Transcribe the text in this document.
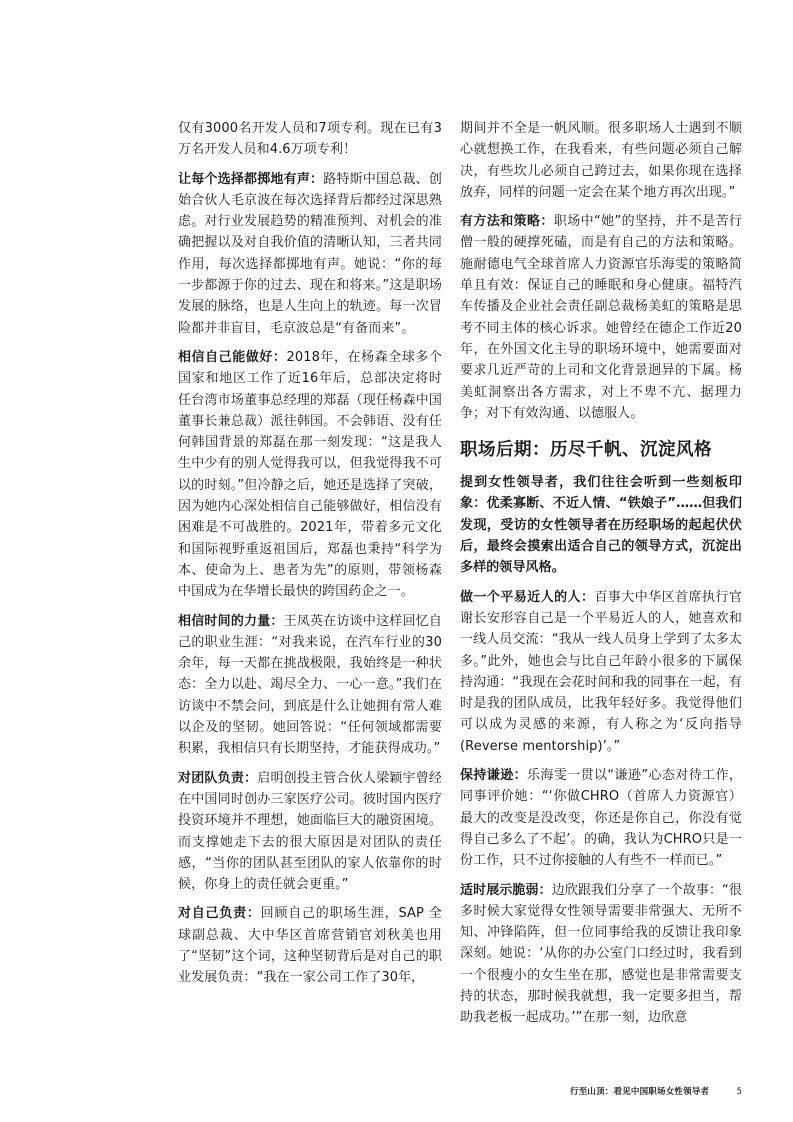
仅有3000名开发人员和7项专利。现在已有3万名开发人员和4.6万项专利！

让每个选择都掷地有声：路特斯中国总裁、创始合伙人毛京波在每次选择背后都经过深思熟虑。对行业发展趋势的精准预判、对机会的准确把握以及对自我价值的清晰认知，三者共同作用，每次选择都掷地有声。她说：“你的每一步都源于你的过去、现在和将来。”这是职场发展的脉络，也是人生向上的轨迹。每一次冒险都并非盲目，毛京波总是“有备而来”。

相信自己能做好：2018年，在杨森全球多个国家和地区工作了近16年后，总部决定将时任台湾市场董事总经理的郑磊（现任杨森中国董事长兼总裁）派往韩国。不会韩语、没有任何韩国背景的郑磊在那一刻发现：“这是我人生中少有的别人觉得我可以，但我觉得我不可以的时刻。”但冷静之后，她还是选择了突破，因为她内心深处相信自己能够做好，相信没有困难是不可战胜的。2021年，带着多元文化和国际视野重返祖国后，郑磊也秉持“科学为本、使命为上、患者为先”的原则，带领杨森中国成为在华增长最快的跨国药企之一。

相信时间的力量：王凤英在访谈中这样回忆自己的职业生涯：“对我来说，在汽车行业的30余年，每一天都在挑战极限，我始终是一种状态：全力以赴、竭尽全力、一心一意。”我们在访谈中不禁会问，到底是什么让她拥有常人难以企及的坚韧。她回答说：“任何领域都需要积累，我相信只有长期坚持，才能获得成功。”

对团队负责：启明创投主管合伙人梁颖宇曾经在中国同时创办三家医疗公司。彼时国内医疗投资环境并不理想，她面临巨大的融资困境。而支撑她走下去的很大原因是对团队的责任感，“当你的团队甚至团队的家人依靠你的时候，你身上的责任就会更重。”

对自己负责：回顾自己的职场生涯，SAP 全球副总裁、大中华区首席营销官刘秋美也用了“坚韧”这个词，这种坚韧背后是对自己的职业发展负责：“我在一家公司工作了30年，

期间并不全是一帆风顺。很多职场人士遇到不顺心就想换工作，在我看来，有些问题必须自己解决，有些坎儿必须自己跨过去，如果你现在选择放弃，同样的问题一定会在某个地方再次出现。”

有方法和策略：职场中“她”的坚持，并不是苦行僧一般的硬撑死磕，而是有自己的方法和策略。施耐德电气全球首席人力资源官乐海雯的策略简单且有效：保证自己的睡眠和身心健康。福特汽车传播及企业社会责任副总裁杨美虹的策略是思考不同主体的核心诉求。她曾经在德企工作近20年，在外国文化主导的职场环境中，她需要面对要求几近严苛的上司和文化背景迥异的下属。杨美虹洞察出各方需求，对上不卑不亢、据理力争；对下有效沟通、以德服人。

职场后期：历尽千帆、沉淀风格

提到女性领导者，我们往往会听到一些刻板印象：优柔寡断、不近人情、“铁娘子”……但我们发现，受访的女性领导者在历经职场的起起伏伏后，最终会摸索出适合自己的领导方式，沉淀出多样的领导风格。

做一个平易近人的人：百事大中华区首席执行官谢长安形容自己是一个平易近人的人，她喜欢和一线人员交流：“我从一线人员身上学到了太多太多。”此外，她也会与比自己年龄小很多的下属保持沟通：“我现在会花时间和我的同事在一起，有时是我的团队成员，比我年轻好多。我觉得他们可以成为灵感的来源，有人称之为‘反向指导(Reverse mentorship)’。”

保持谦逊：乐海雯一贯以“谦逊”心态对待工作，同事评价她：“‘你做CHRO（首席人力资源官）最大的改变是没改变，你还是你自己，你没有觉得自己多么了不起’。的确，我认为CHRO只是一份工作，只不过你接触的人有些不一样而已。”

适时展示脆弱：边欣跟我们分享了一个故事：“很多时候大家觉得女性领导需要非常强大、无所不知、冲锋陷阵，但一位同事给我的反馈让我印象深刻。她说：‘从你的办公室门口经过时，我看到一个很瘦小的女生坐在那，感觉也是非常需要支持的状态，那时候我就想，我一定要多担当，帮助我老板一起成功。’”在那一刻，边欣意

行至山顶：看见中国职场女性领导者	5
